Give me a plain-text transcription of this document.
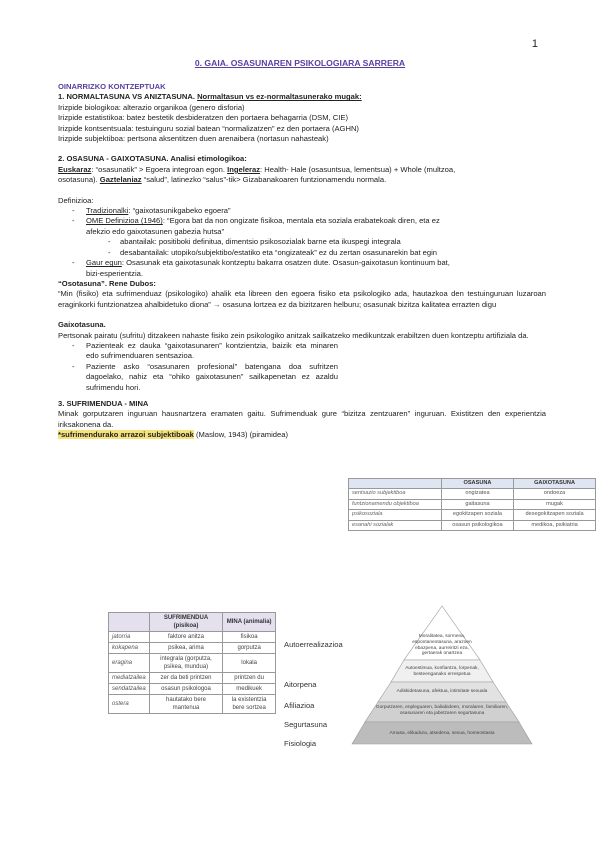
1
0. GAIA. OSASUNAREN PSIKOLOGIARA SARRERA
OINARRIZKO KONTZEPTUAK
1. NORMALTASUNA VS ANIZTASUNA. Normaltasun vs ez-normaltasunerako mugak:
Irizpide biologikoa: alterazio organikoa (genero disforia)
Irizpide estatistikoa: batez bestetik desbideratzen den portaera behagarria (DSM, CIE)
Irizpide kontsentsuala: testuinguru sozial batean “normalizatzen” ez den portaera (AGHN)
Irizpide subjektiboa: pertsona aksentitzen duen arenaibera (nortasun nahasteak)
2. OSASUNA - GAIXOTASUNA. Analisi etimologikoa:
Euskaraz: “osasunatik” > Egoera integroan egon. Ingeleraz: Health- Hale (osasuntsua, lementsua) + Whole (multzoa,
osotasuna). Gaztelaniaz “salud”, latinezko “salus”-tik> Gizabanakoaren funtzionamendu normala.
Definizioa:
- Tradizionalki: “gaixotasunikgabeko egoera”
- OME Definizioa (1946): “Egora bat da non ongizate fisikoa, mentala eta soziala erabatekoak diren, eta ez
afekzio edo gaixotasunen gabezia hutsa”
- abantailak: positiboki definitua, dimentsio psikosozialak barne eta ikuspegi integrala
- desabantailak: utopiko/subjektibo/estatiko eta “ongizateak” ez du zertan osasunarekin bat egin
- Gaur egun: Osasunak eta gaixotasunak kontzeptu bakarra osatzen dute. Osasun-gaixotasun kontinuum bat,
bizi-esperientzia.
“Osotasuna”. Rene Dubos:
“Min (fisiko) eta sufrimenduaz (psikologiko) ahalik eta libreen den egoera fisiko eta psikologiko ada, hautazkoa den testuinguruan luzaroan eraginkorki funtzionatzea ahalbidetuko diona” → osasuna lortzea ez da bizitzaren helburu; osasunak bizitza kalitatea errazten digu
Gaixotasuna.
Pertsonak pairatu (sufritu) ditzakeen nahaste fisiko zein psikologiko anitzak sailkatzeko medikuntzak erabiltzen duen kontzeptu artifiziala da.
- Pazienteak ez dauka “gaixotasunaren” kontzientzia, baizik eta minaren edo sufrimenduaren sentsazioa.
- Paziente asko “osasunaren profesional” batengana doa sufritzen dagoelako, nahiz eta “ohiko gaixotasunen” sailkapenetan ez azaldu sufrimendu hori.
3. SUFRIMENDUA - MINA
Minak gorputzaren inguruan hausnartzera eramaten gaitu. Sufrimenduak gure “bizitza zentzuaren” inguruan. Existitzen den experientzia iriksakonena da.
*sufrimendurako arrazoi subjektiboak (Maslow, 1943) (piramidea)
	OSASUNA	GAIXOTASUNA
sentsazio subjektiboa	ongizatea	ondoeza
funtzionamendu objektiboa	gaitasuna	mugak
psikosoziala	egokitzapen soziala	desegokitzapen soziala
esanahi sozialak	osasun psikologikoa	medikoa, psikiatria
	SUFRIMENDUA (pisikoa)	MINA (animalia)
jatorria	faktore anitza	fisikoa
kokapena	psikea, arima	gorputza
eragina	integrala (gorputza, psikea, mundua)	lokala
mediatzailea	zer da beti printzen	printzen du
sendatzailea	osasun psikologoa	medikuek
ostera	hautatako bere mantenua	la existentzia bere sortzea
Autoerrealizazioa
Aitorpena
Afiliazioa
Segurtasuna
Fisiologia
Moralitatea, sormena, espontaneotasuna, arazoen ebazpena, aurreiritzi eza, gertaerak onartzea
Autoestimua, konfiantza, lorpenak, besteenganako errespetua
Adiskidetasuna, afektua, intimitate sexuala
Gorputzaren, enpleguaren, baliabideen, moralaren, familiaren, osasunaren eta jabetzaren segurtasuna
Arnasa, elikadura, atsedena, sexua, homeostasia
